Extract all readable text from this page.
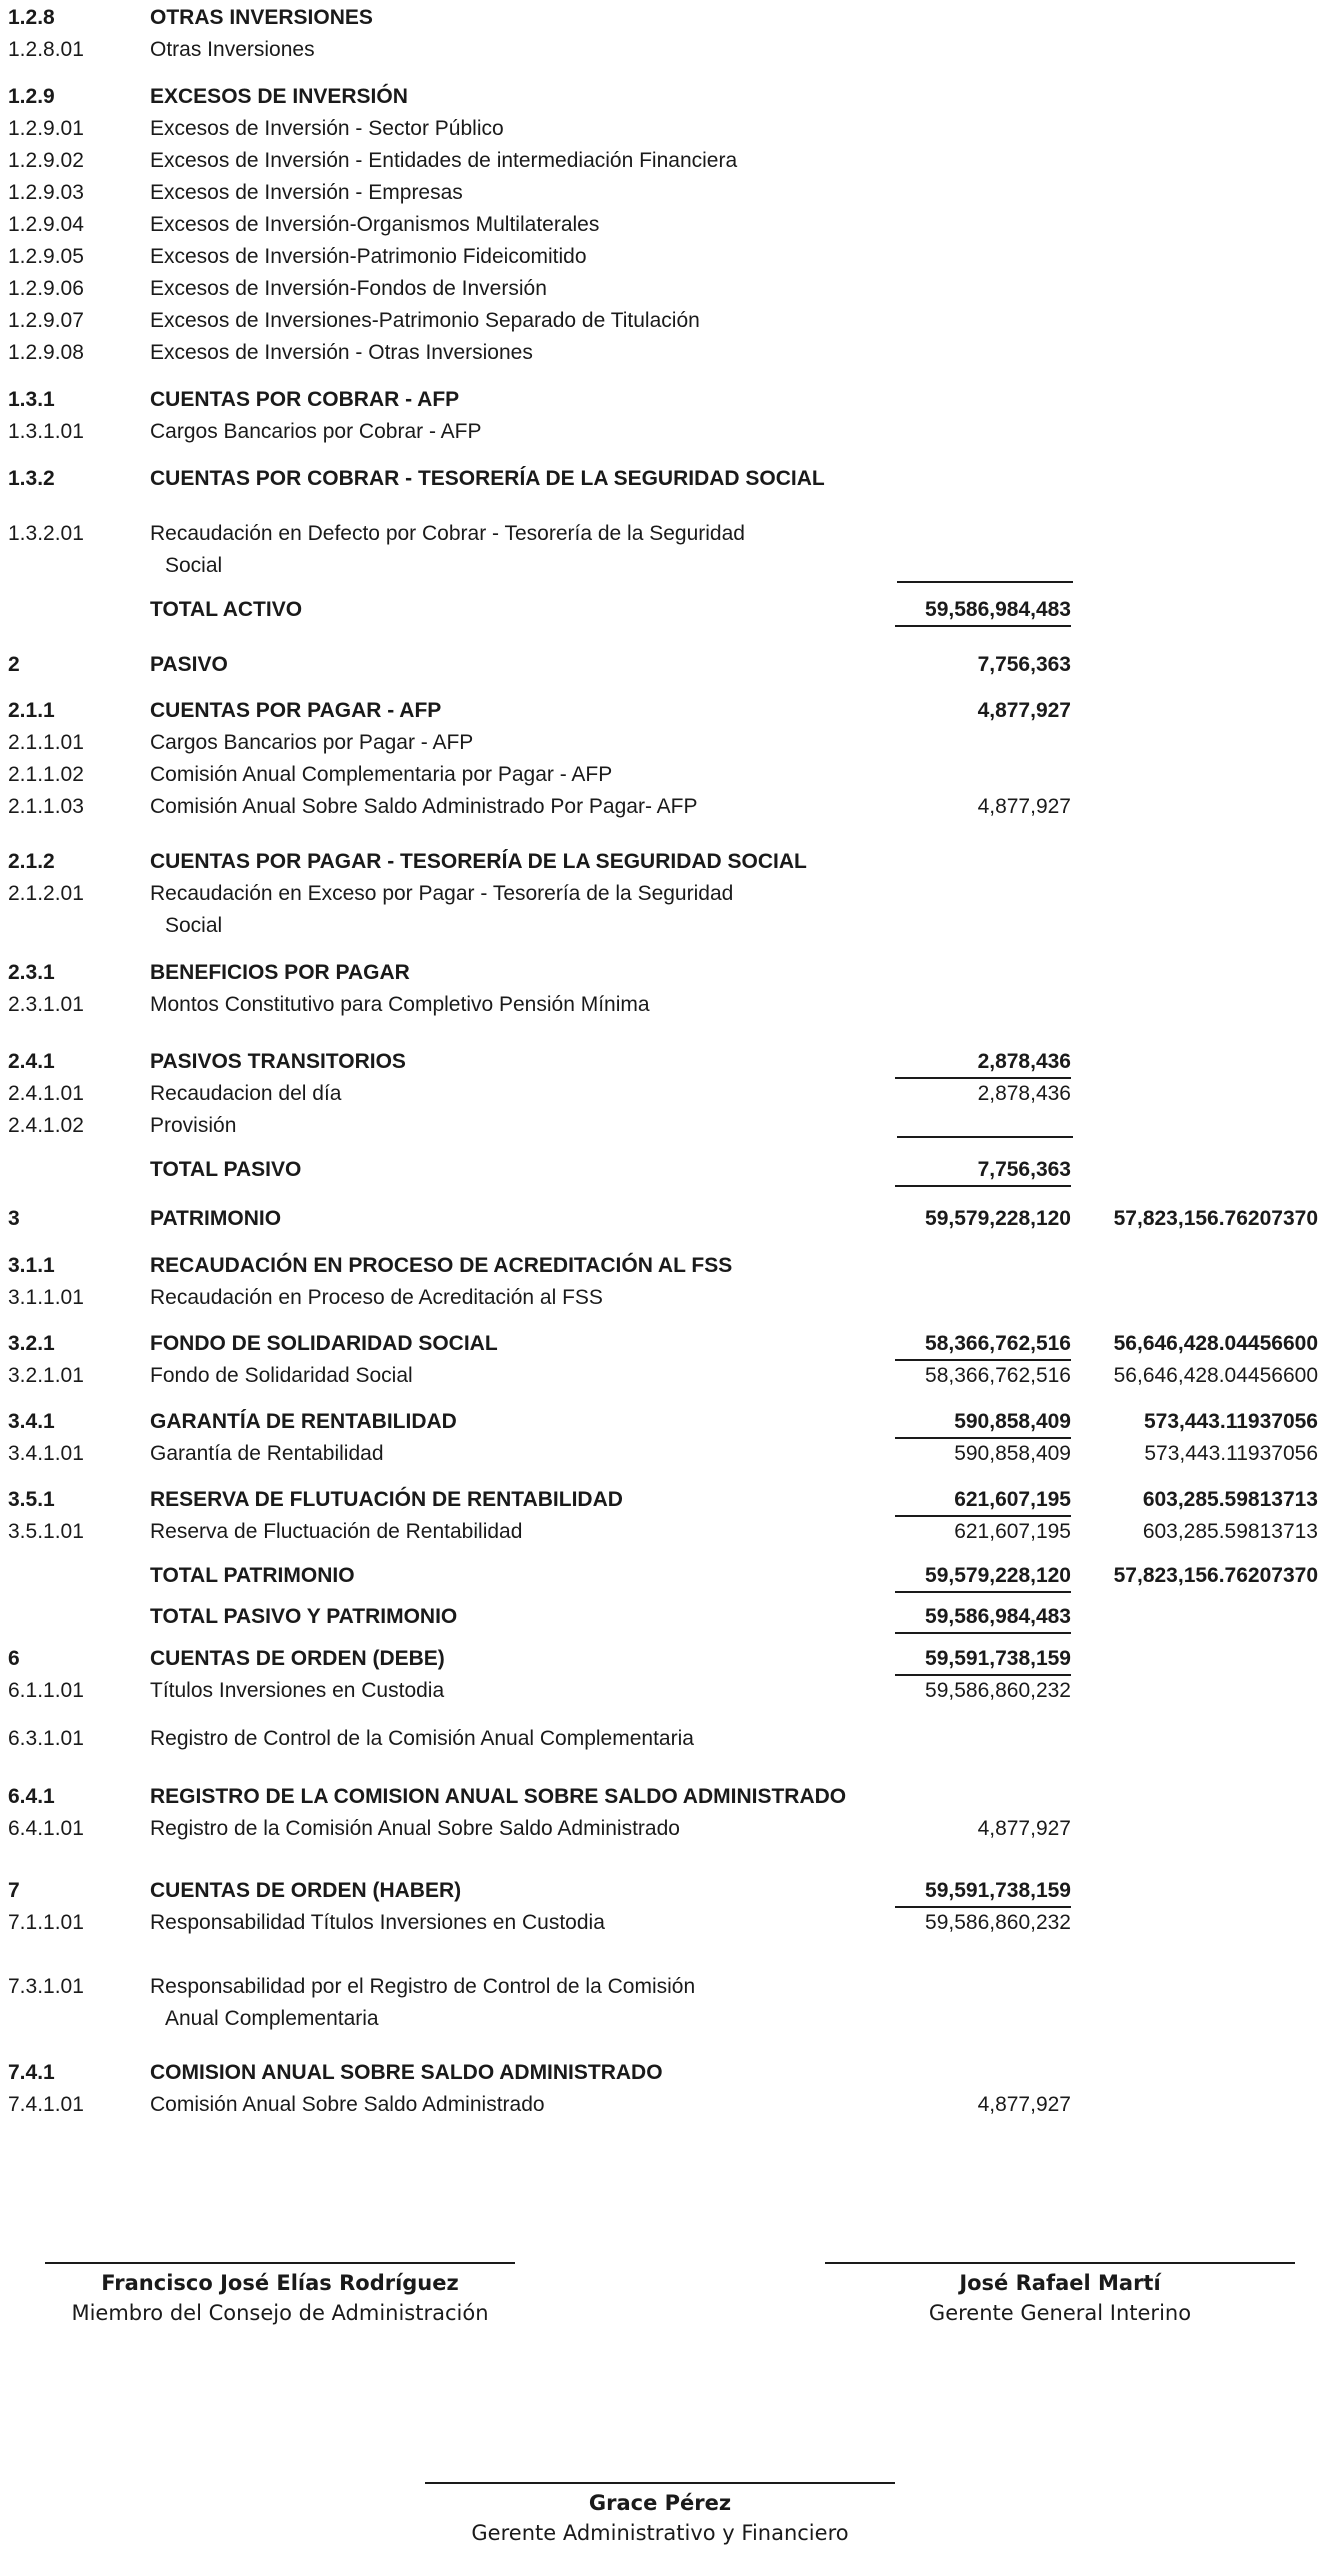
1.2.8	OTRAS INVERSIONES
1.2.8.01	Otras Inversiones
1.2.9	EXCESOS DE INVERSIÓN
1.2.9.01	Excesos de Inversión - Sector Público
1.2.9.02	Excesos de Inversión - Entidades de intermediación Financiera
1.2.9.03	Excesos de Inversión - Empresas
1.2.9.04	Excesos de Inversión-Organismos Multilaterales
1.2.9.05	Excesos de Inversión-Patrimonio Fideicomitido
1.2.9.06	Excesos de Inversión-Fondos de Inversión
1.2.9.07	Excesos de Inversiones-Patrimonio Separado de Titulación
1.2.9.08	Excesos de Inversión - Otras Inversiones
1.3.1	CUENTAS POR COBRAR - AFP
1.3.1.01	Cargos Bancarios por Cobrar - AFP
1.3.2	CUENTAS POR COBRAR - TESORERÍA DE LA SEGURIDAD SOCIAL
1.3.2.01	Recaudación en Defecto por Cobrar - Tesorería de la Seguridad
Social
TOTAL ACTIVO	59,586,984,483
2	PASIVO	7,756,363
2.1.1	CUENTAS POR PAGAR - AFP	4,877,927
2.1.1.01	Cargos Bancarios por Pagar - AFP
2.1.1.02	Comisión Anual Complementaria por Pagar - AFP
2.1.1.03	Comisión Anual Sobre Saldo Administrado Por Pagar- AFP	4,877,927
2.1.2	CUENTAS POR PAGAR - TESORERÍA DE LA SEGURIDAD SOCIAL
2.1.2.01	Recaudación en Exceso por Pagar - Tesorería de la Seguridad
Social
2.3.1	BENEFICIOS POR PAGAR
2.3.1.01	Montos Constitutivo para Completivo Pensión Mínima
2.4.1	PASIVOS TRANSITORIOS	2,878,436
2.4.1.01	Recaudacion del día	2,878,436
2.4.1.02	Provisión
TOTAL PASIVO	7,756,363
3	PATRIMONIO	59,579,228,120	57,823,156.76207370
3.1.1	RECAUDACIÓN EN PROCESO DE ACREDITACIÓN AL FSS
3.1.1.01	Recaudación en Proceso de Acreditación al FSS
3.2.1	FONDO DE SOLIDARIDAD SOCIAL	58,366,762,516	56,646,428.04456600
3.2.1.01	Fondo de Solidaridad Social	58,366,762,516	56,646,428.04456600
3.4.1	GARANTÍA DE RENTABILIDAD	590,858,409	573,443.11937056
3.4.1.01	Garantía de Rentabilidad	590,858,409	573,443.11937056
3.5.1	RESERVA DE FLUTUACIÓN DE RENTABILIDAD	621,607,195	603,285.59813713
3.5.1.01	Reserva de Fluctuación de Rentabilidad	621,607,195	603,285.59813713
TOTAL PATRIMONIO	59,579,228,120	57,823,156.76207370
TOTAL PASIVO Y PATRIMONIO	59,586,984,483
6	CUENTAS DE ORDEN (DEBE)	59,591,738,159
6.1.1.01	Títulos Inversiones en Custodia	59,586,860,232
6.3.1.01	Registro de Control de la Comisión Anual Complementaria
6.4.1	REGISTRO DE LA COMISION ANUAL SOBRE SALDO ADMINISTRADO
6.4.1.01	Registro de la Comisión Anual Sobre Saldo Administrado	4,877,927
7	CUENTAS DE ORDEN (HABER)	59,591,738,159
7.1.1.01	Responsabilidad Títulos Inversiones en Custodia	59,586,860,232
7.3.1.01	Responsabilidad por el Registro de Control de la Comisión
Anual Complementaria
7.4.1	COMISION ANUAL SOBRE SALDO ADMINISTRADO
7.4.1.01	Comisión Anual Sobre Saldo Administrado	4,877,927
Francisco José Elías Rodríguez
Miembro del Consejo de Administración
José Rafael Martí
Gerente General Interino
Grace Pérez
Gerente Administrativo y Financiero
